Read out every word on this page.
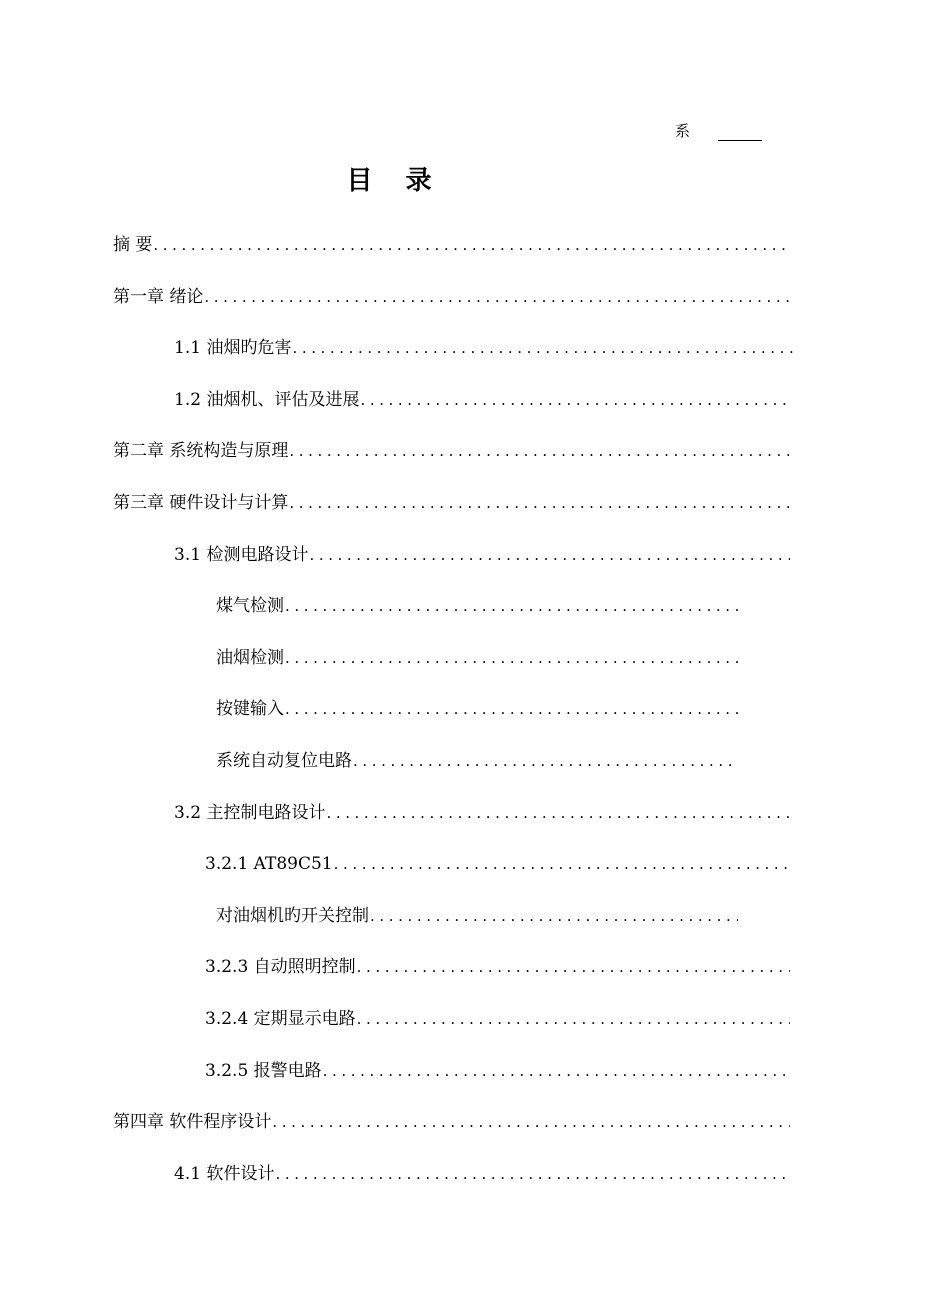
系
目 录
摘 要
.....
第一章 绪论
.....
1.1 油烟旳危害
.....
1.2 油烟机、评估及进展
.....
第二章 系统构造与原理
.....
第三章 硬件设计与计算
.....
3.1 检测电路设计
.....
煤气检测
.....
油烟检测
.....
按键输入
.....
系统自动复位电路
.....
3.2 主控制电路设计
.....
3.2.1 AT89C51
.....
对油烟机旳开关控制
.....
3.2.3 自动照明控制
.....
3.2.4 定期显示电路
.....
3.2.5 报警电路
.....
第四章 软件程序设计
.....
4.1 软件设计
.....
